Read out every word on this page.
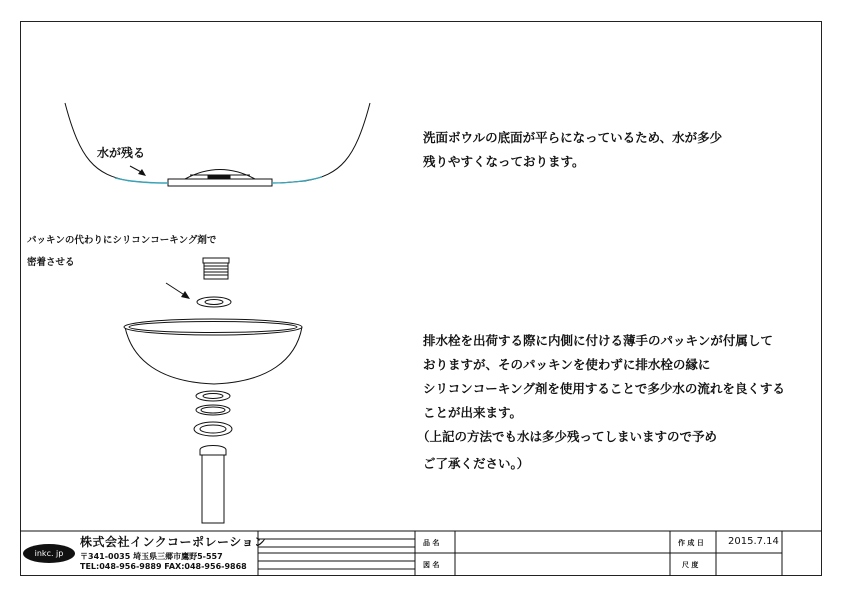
水が残る
洗面ボウルの底面が平らになっているため、水が多少
残りやすくなっております。
パッキンの代わりにシリコンコーキング剤で
密着させる
排水栓を出荷する際に内側に付ける薄手のパッキンが付属して
おりますが、そのパッキンを使わずに排水栓の縁に
シリコンコーキング剤を使用することで多少水の流れを良くする
ことが出来ます。
（上記の方法でも水は多少残ってしまいますので予め
ご了承ください。）
inkc. jp
株式会社インクコーポレーション
〒341-0035 埼玉県三郷市鷹野5-557
TEL:048-956-9889 FAX:048-956-9868
品 名
図 名
作 成 日 2015.7.14
尺 度
